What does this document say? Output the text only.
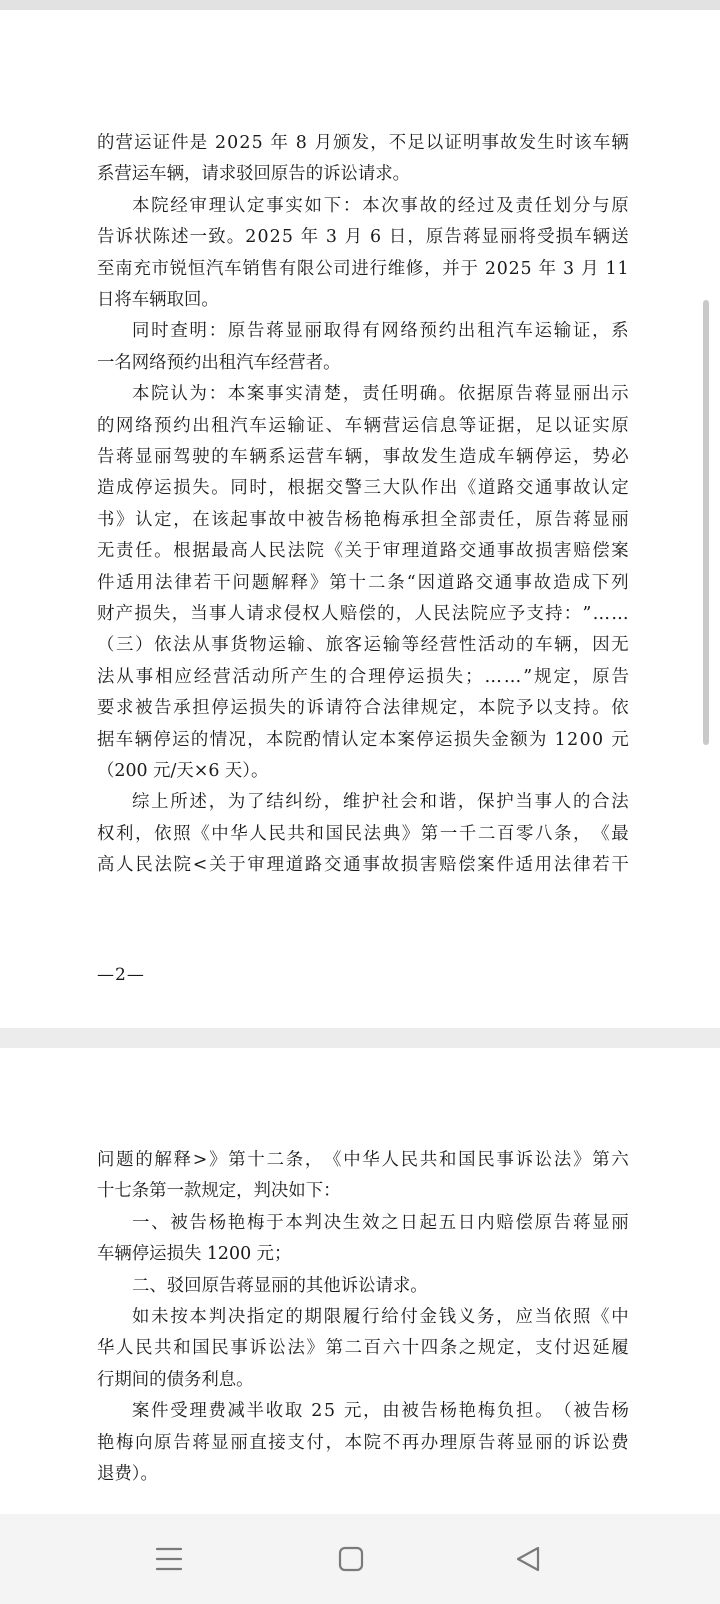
的 营 运 证 件 是
2 0 2 5
年
8
月 颁 发 ， 不 足 以 证 明 事 故 发 生 时 该 车 辆
系营运车辆，请求驳回原告的诉讼请求。
本 院 经 审 理 认 定 事 实 如 下 ： 本 次 事 故 的 经 过 及 责 任 划 分 与 原
告 诉 状 陈 述 一 致 。 2 0 2 5
年
3
月
6
日 ， 原 告 蒋 显 丽 将 受 损 车 辆 送
至 南 充 市 锐 恒 汽 车 销 售 有 限 公 司 进 行 维 修 ， 并 于
2 0 2 5
年
3
月
1 1
日将车辆取回。
同 时 查 明 ： 原 告 蒋 显 丽 取 得 有 网 络 预 约 出 租 汽 车 运 输 证 ， 系
一名网络预约出租汽车经营者。
本 院 认 为 ： 本 案 事 实 清 楚 ， 责 任 明 确 。 依 据 原 告 蒋 显 丽 出 示
的 网 络 预 约 出 租 汽 车 运 输 证 、 车 辆 营 运 信 息 等 证 据 ， 足 以 证 实 原
告 蒋 显 丽 驾 驶 的 车 辆 系 运 营 车 辆 ， 事 故 发 生 造 成 车 辆 停 运 ， 势 必
造 成 停 运 损 失 。 同 时 ， 根 据 交 警 三 大 队 作 出 《 道 路 交 通 事 故 认 定
书 》 认 定 ， 在 该 起 事 故 中 被 告 杨 艳 梅 承 担 全 部 责 任 ， 原 告 蒋 显 丽
无 责 任 。 根 据 最 高 人 民 法 院 《 关 于 审 理 道 路 交 通 事 故 损 害 赔 偿 案
件 适 用 法 律 若 干 问 题 解 释 》 第 十 二 条 “ 因 道 路 交 通 事 故 造 成 下 列
财 产 损 失 ， 当 事 人 请 求 侵 权 人 赔 偿 的 ， 人 民 法 院 应 予 支 持 ： ” … …
（ 三 ） 依 法 从 事 货 物 运 输 、 旅 客 运 输 等 经 营 性 活 动 的 车 辆 ， 因 无
法 从 事 相 应 经 营 活 动 所 产 生 的 合 理 停 运 损 失 ； … … ” 规 定 ， 原 告
要 求 被 告 承 担 停 运 损 失 的 诉 请 符 合 法 律 规 定 ， 本 院 予 以 支 持 。 依
据 车 辆 停 运 的 情 况 ， 本 院 酌 情 认 定 本 案 停 运 损 失 金 额 为
1 2 0 0
元
（200 元/天×6 天）。
综 上 所 述 ， 为 了 结 纠 纷 ， 维 护 社 会 和 谐 ， 保 护 当 事 人 的 合 法
权 利 ， 依 照 《 中 华 人 民 共 和 国 民 法 典 》 第 一 千 二 百 零 八 条 ， 《 最
高 人 民 法 院 < 关 于 审 理 道 路 交 通 事 故 损 害 赔 偿 案 件 适 用 法 律 若 干
—2—
问 题 的 解 释 > 》 第 十 二 条 ， 《 中 华 人 民 共 和 国 民 事 诉 讼 法 》 第 六
十七条第一款规定，判决如下：
一 、 被 告 杨 艳 梅 于 本 判 决 生 效 之 日 起 五 日 内 赔 偿 原 告 蒋 显 丽
车辆停运损失 1200 元；
二、驳回原告蒋显丽的其他诉讼请求。
如 未 按 本 判 决 指 定 的 期 限 履 行 给 付 金 钱 义 务 ， 应 当 依 照 《 中
华 人 民 共 和 国 民 事 诉 讼 法 》 第 二 百 六 十 四 条 之 规 定 ， 支 付 迟 延 履
行期间的债务利息。
案 件 受 理 费 减 半 收 取
2 5
元 ， 由 被 告 杨 艳 梅 负 担 。 （ 被 告 杨
艳 梅 向 原 告 蒋 显 丽 直 接 支 付 ， 本 院 不 再 办 理 原 告 蒋 显 丽 的 诉 讼 费
退费）。
